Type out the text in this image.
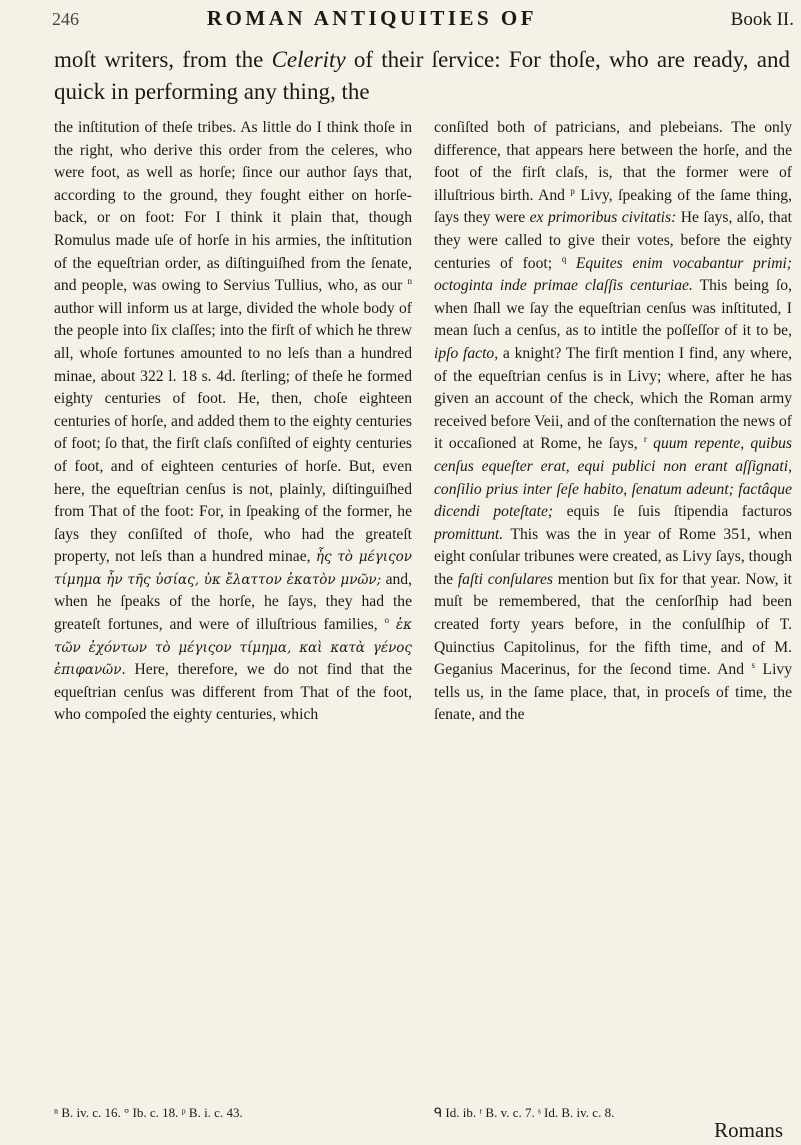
246	ROMAN ANTIQUITIES OF	Book II.
moſt writers, from the Celerity of their ſervice: For thoſe, who are ready, and quick in performing any thing, the

the inſtitution of theſe tribes. As little do I think thoſe in the right, who derive this order from the celeres, who were foot, as well as horſe; ſince our author ſays that, according to the ground, they fought either on horſe-back, or on foot: For I think it plain that, though Romulus made uſe of horſe in his armies, the inſtitution of the equeſtrian order, as diſtinguiſhed from the ſenate, and people, was owing to Servius Tullius, who, as our $^n$ author will inform us at large, divided the whole body of the people into ſix claſſes; into the firſt of which he threw all, whoſe fortunes amounted to no leſs than a hundred minae, about 322 l. 18 s. 4d. ſterling; of theſe he formed eighty centuries of foot. He, then, choſe eighteen centuries of horſe, and added them to the eighty centuries of foot; ſo that, the firſt claſs conſiſted of eighty centuries of foot, and of eighteen centuries of horſe. But, even here, the equeſtrian cenſus is not, plainly, diſtinguiſhed from That of the foot: For, in ſpeaking of the former, he ſays they conſiſted of thoſe, who had the greateſt property, not leſs than a hundred minae, ἧς τὸ μέγιςον τίμημα ἦν τῆς ὐσίας, ὐκ ἔλαττον ἑκατὸν μνῶν; and, when he ſpeaks of the horſe, he ſays, they had the greateſt fortunes, and were of illuſtrious families, $^o$ ἐκ τῶν ἐχόντων τὸ μέγιςον τίμημα, καὶ κατὰ γένος ἐπιφανῶν. Here, therefore, we do not find that the equeſtrian cenſus was different from That of the foot, who compoſed the eighty centuries, which

conſiſted both of patricians, and plebeians. The only difference, that appears here between the horſe, and the foot of the firſt claſs, is, that the former were of illuſtrious birth. And $^p$ Livy, ſpeaking of the ſame thing, ſays they were ex primoribus civitatis: He ſays, alſo, that they were called to give their votes, before the eighty centuries of foot; $^q$ Equites enim vocabantur primi; octoginta inde primae claſſis centuriae. This being ſo, when ſhall we ſay the equeſtrian cenſus was inſtituted, I mean ſuch a cenſus, as to intitle the poſſeſſor of it to be, ipſo facto, a knight? The firſt mention I find, any where, of the equeſtrian cenſus is in Livy; where, after he has given an account of the check, which the Roman army received before Veii, and of the conſternation the news of it occaſioned at Rome, he ſays, $^r$ quum repente, quibus cenſus equeſter erat, equi publici non erant aſſignati, conſilio prius inter ſeſe habito, ſenatum adeunt; factâque dicendi poteſtate; equis ſe ſuis ſtipendia facturos promittunt. This was the in year of Rome 351, when eight conſular tribunes were created, as Livy ſays, though the faſti conſulares mention but ſix for that year. Now, it muſt be remembered, that the cenſorſhip had been created forty years before, in the conſulſhip of T. Quinctius Capitolinus, for the fifth time, and of M. Geganius Macerinus, for the ſecond time. And $^s$ Livy tells us, in the ſame place, that, in proceſs of time, the ſenate, and the

ⁿ B. iv. c. 16. ° Ib. c. 18. ᵖ B. i. c. 43.	ᑫ Id. ib. ʳ B. v. c. 7. ˢ Id. B. iv. c. 8.
Romans
